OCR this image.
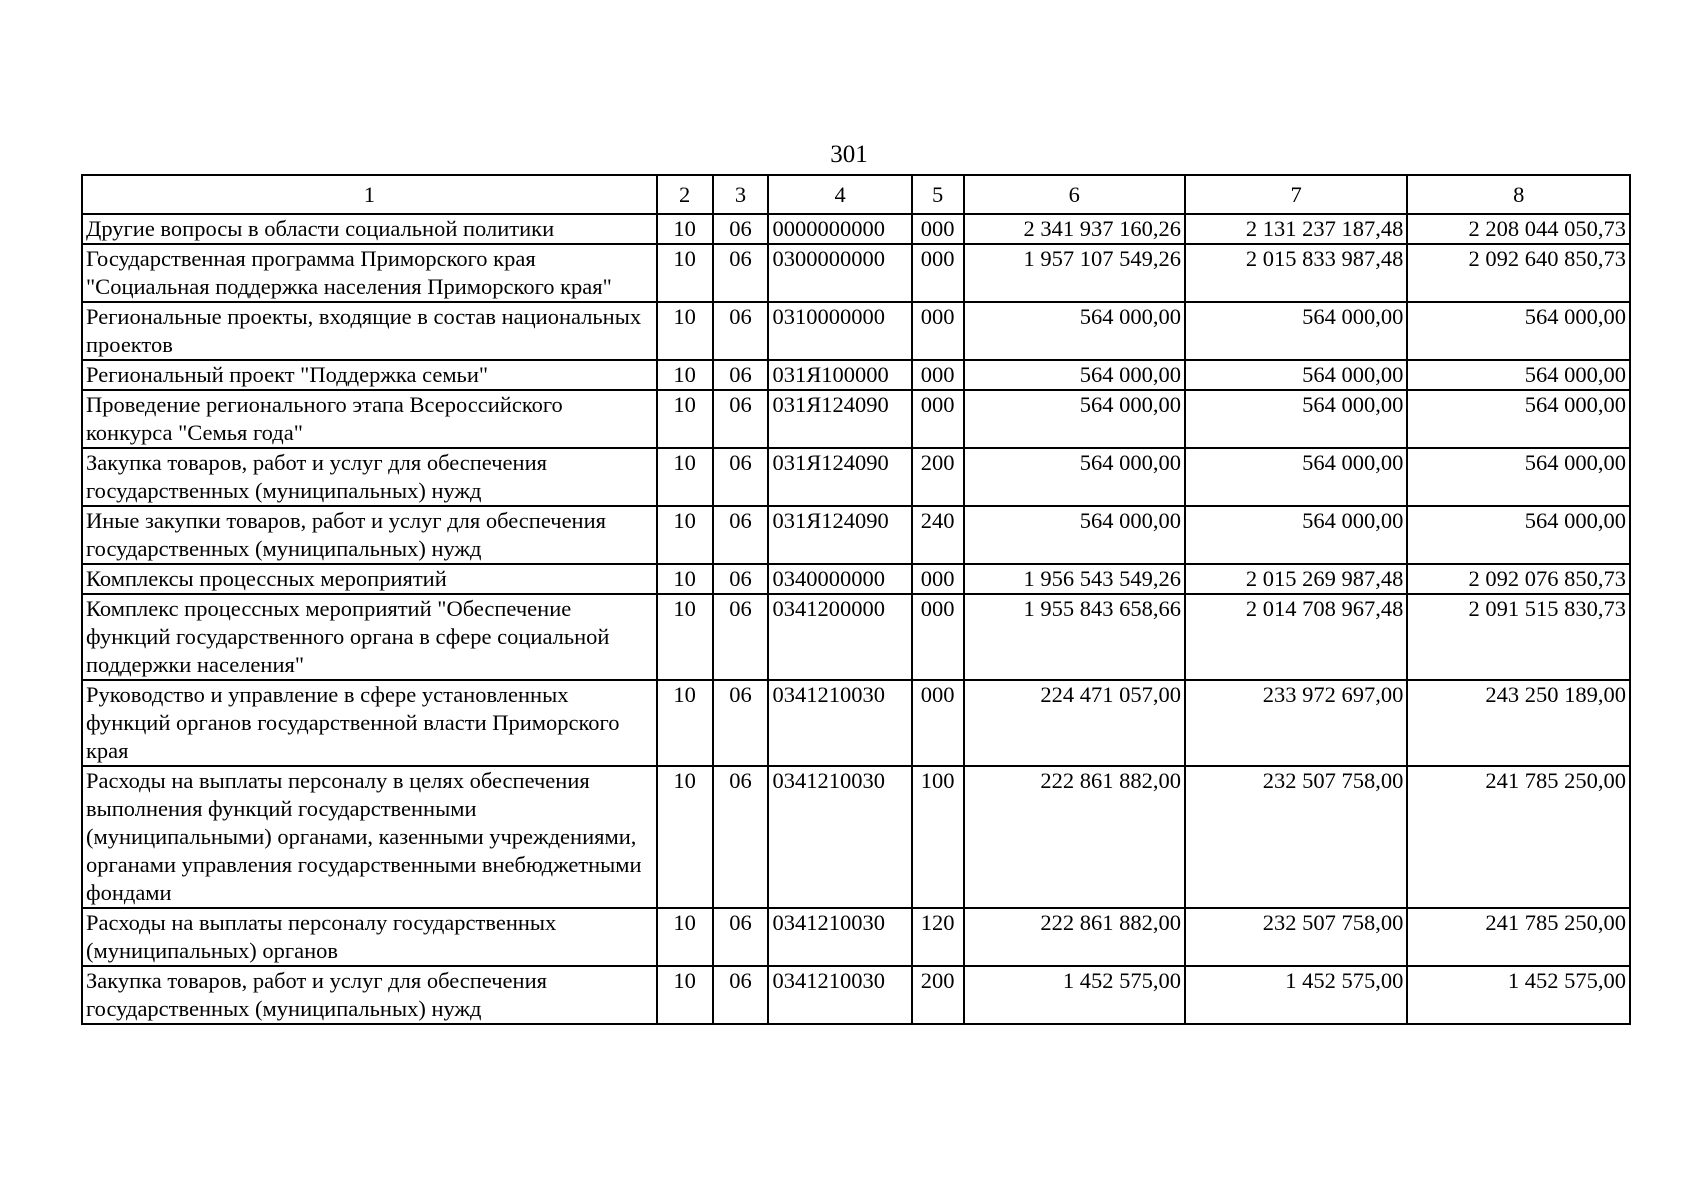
301
1	2	3	4	5	6	7	8
Другие вопросы в области социальной политики	10	06	0000000000	000	2 341 937 160,26	2 131 237 187,48	2 208 044 050,73
Государственная программа Приморского края "Социальная поддержка населения Приморского края"	10	06	0300000000	000	1 957 107 549,26	2 015 833 987,48	2 092 640 850,73
Региональные проекты, входящие в состав национальных проектов	10	06	0310000000	000	564 000,00	564 000,00	564 000,00
Региональный проект "Поддержка семьи"	10	06	031Я100000	000	564 000,00	564 000,00	564 000,00
Проведение регионального этапа Всероссийского конкурса "Семья года"	10	06	031Я124090	000	564 000,00	564 000,00	564 000,00
Закупка товаров, работ и услуг для обеспечения государственных (муниципальных) нужд	10	06	031Я124090	200	564 000,00	564 000,00	564 000,00
Иные закупки товаров, работ и услуг для обеспечения государственных (муниципальных) нужд	10	06	031Я124090	240	564 000,00	564 000,00	564 000,00
Комплексы процессных мероприятий	10	06	0340000000	000	1 956 543 549,26	2 015 269 987,48	2 092 076 850,73
Комплекс процессных мероприятий "Обеспечение функций государственного органа в сфере социальной поддержки населения"	10	06	0341200000	000	1 955 843 658,66	2 014 708 967,48	2 091 515 830,73
Руководство и управление в сфере установленных функций органов государственной власти Приморского края	10	06	0341210030	000	224 471 057,00	233 972 697,00	243 250 189,00
Расходы на выплаты персоналу в целях обеспечения выполнения функций государственными (муниципальными) органами, казенными учреждениями, органами управления государственными внебюджетными фондами	10	06	0341210030	100	222 861 882,00	232 507 758,00	241 785 250,00
Расходы на выплаты персоналу государственных (муниципальных) органов	10	06	0341210030	120	222 861 882,00	232 507 758,00	241 785 250,00
Закупка товаров, работ и услуг для обеспечения государственных (муниципальных) нужд	10	06	0341210030	200	1 452 575,00	1 452 575,00	1 452 575,00
